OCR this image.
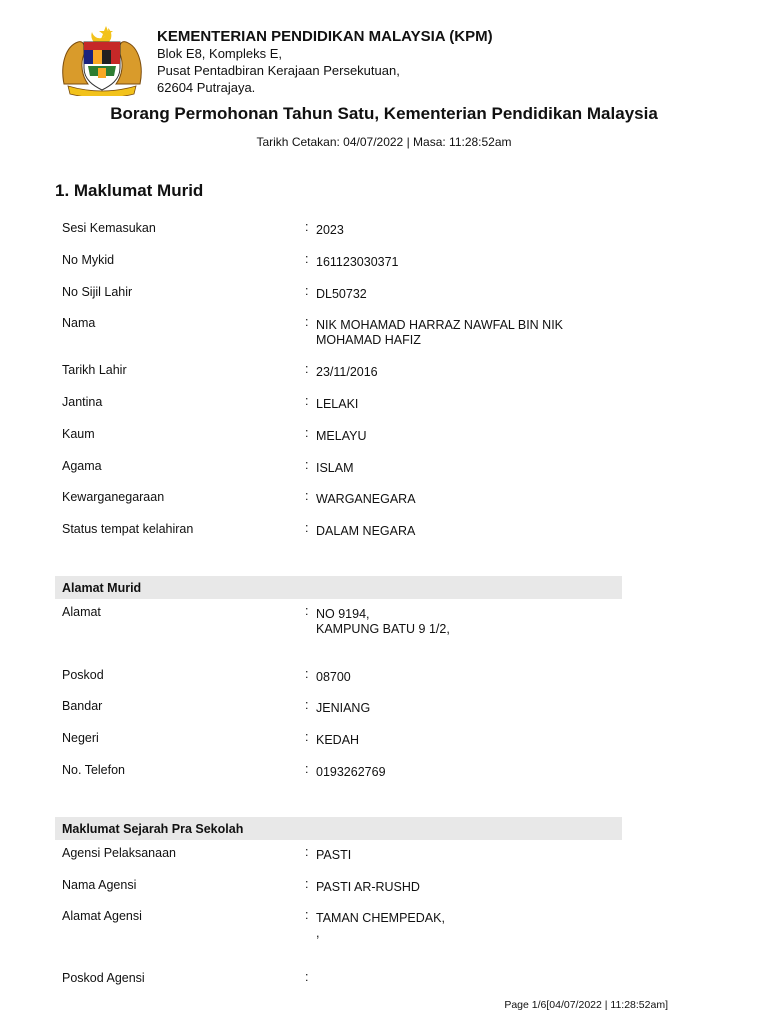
KEMENTERIAN PENDIDIKAN MALAYSIA (KPM)
Blok E8, Kompleks E,
Pusat Pentadbiran Kerajaan Persekutuan,
62604 Putrajaya.
Borang Permohonan Tahun Satu, Kementerian Pendidikan Malaysia
Tarikh Cetakan: 04/07/2022 | Masa: 11:28:52am
1. Maklumat Murid
Sesi Kemasukan	: 2023
No Mykid	: 161123030371
No Sijil Lahir	: DL50732
Nama	: NIK MOHAMAD HARRAZ NAWFAL BIN NIK
MOHAMAD HAFIZ
Tarikh Lahir	: 23/11/2016
Jantina	: LELAKI
Kaum	: MELAYU
Agama	: ISLAM
Kewarganegaraan	: WARGANEGARA
Status tempat kelahiran	: DALAM NEGARA
Alamat Murid
Alamat	: NO 9194,
KAMPUNG BATU 9 1/2,
Poskod	: 08700
Bandar	: JENIANG
Negeri	: KEDAH
No. Telefon	: 0193262769
Maklumat Sejarah Pra Sekolah
Agensi Pelaksanaan	: PASTI
Nama Agensi	: PASTI AR-RUSHD
Alamat Agensi	: TAMAN CHEMPEDAK,
,
Poskod Agensi	:
Page 1/6[04/07/2022 | 11:28:52am]
